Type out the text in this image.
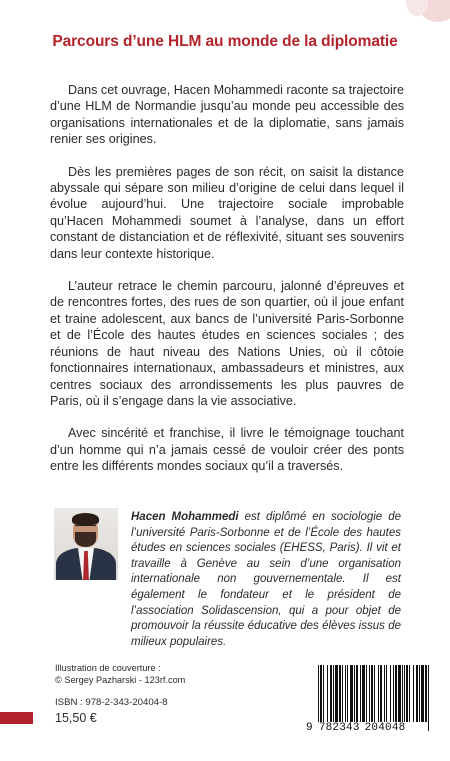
Parcours d’une HLM au monde de la diplomatie

Dans cet ouvrage, Hacen Mohammedi raconte sa trajectoire d’une HLM de Normandie jusqu’au monde peu accessible des organisations internationales et de la diplomatie, sans jamais renier ses origines.

Dès les premières pages de son récit, on saisit la distance abyssale qui sépare son milieu d’origine de celui dans lequel il évolue aujourd’hui. Une trajectoire sociale improbable qu’Hacen Mohammedi soumet à l’analyse, dans un effort constant de distanciation et de réflexivité, situant ses souvenirs dans leur contexte historique.

L’auteur retrace le chemin parcouru, jalonné d’épreuves et de rencontres fortes, des rues de son quartier, où il joue enfant et traine adolescent, aux bancs de l’université Paris-Sorbonne et de l’École des hautes études en sciences sociales ; des réunions de haut niveau des Nations Unies, où il côtoie fonctionnaires internationaux, ambassadeurs et ministres, aux centres sociaux des arrondissements les plus pauvres de Paris, où il s’engage dans la vie associative.

Avec sincérité et franchise, il livre le témoignage touchant d’un homme qui n’a jamais cessé de vouloir créer des ponts entre les différents mondes sociaux qu’il a traversés.

Hacen Mohammedi est diplômé en sociologie de l’université Paris-Sorbonne et de l’École des hautes études en sciences sociales (EHESS, Paris). Il vit et travaille à Genève au sein d’une organisation internationale non gouvernementale. Il est également le fondateur et le président de l’association Solidascension, qui a pour objet de promouvoir la réussite éducative des élèves issus de milieux populaires.
Illustration de couverture :
© Sergey Pazharski - 123rf.com
ISBN : 978-2-343-20404-8
15,50 €
9 782343 204048
